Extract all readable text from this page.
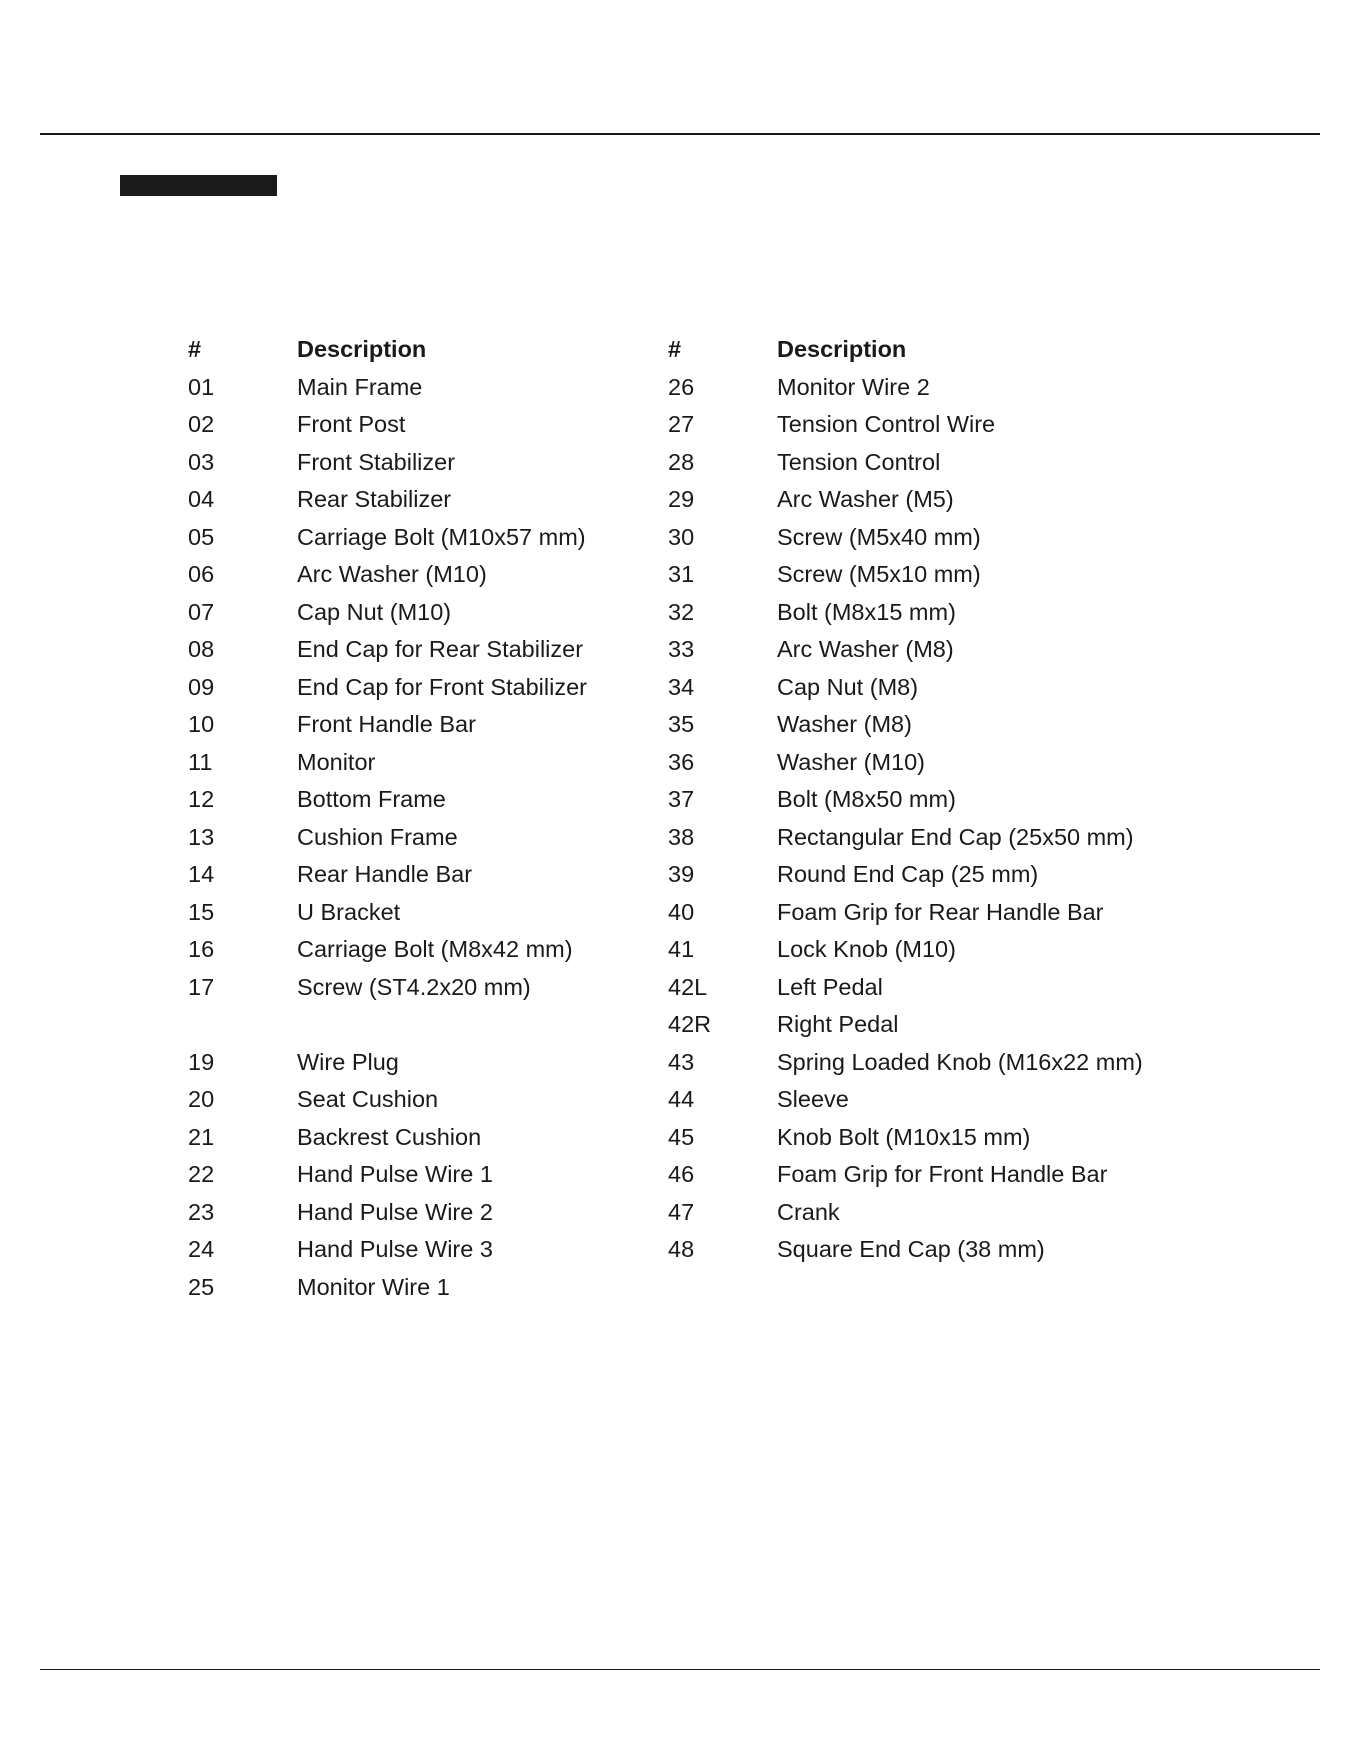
#	Description
01	Main Frame
02	Front Post
03	Front Stabilizer
04	Rear Stabilizer
05	Carriage Bolt (M10x57 mm)
06	Arc Washer (M10)
07	Cap Nut (M10)
08	End Cap for Rear Stabilizer
09	End Cap for Front Stabilizer
10	Front Handle Bar
11	Monitor
12	Bottom Frame
13	Cushion Frame
14	Rear Handle Bar
15	U Bracket
16	Carriage Bolt (M8x42 mm)
17	Screw (ST4.2x20 mm)
19	Wire Plug
20	Seat Cushion
21	Backrest Cushion
22	Hand Pulse Wire 1
23	Hand Pulse Wire 2
24	Hand Pulse Wire 3
25	Monitor Wire 1
#	Description
26	Monitor Wire 2
27	Tension Control Wire
28	Tension Control
29	Arc Washer (M5)
30	Screw (M5x40 mm)
31	Screw (M5x10 mm)
32	Bolt (M8x15 mm)
33	Arc Washer (M8)
34	Cap Nut (M8)
35	Washer (M8)
36	Washer (M10)
37	Bolt (M8x50 mm)
38	Rectangular End Cap (25x50 mm)
39	Round End Cap (25 mm)
40	Foam Grip for Rear Handle Bar
41	Lock Knob (M10)
42L	Left Pedal
42R	Right Pedal
43	Spring Loaded Knob (M16x22 mm)
44	Sleeve
45	Knob Bolt (M10x15 mm)
46	Foam Grip for Front Handle Bar
47	Crank
48	Square End Cap (38 mm)
